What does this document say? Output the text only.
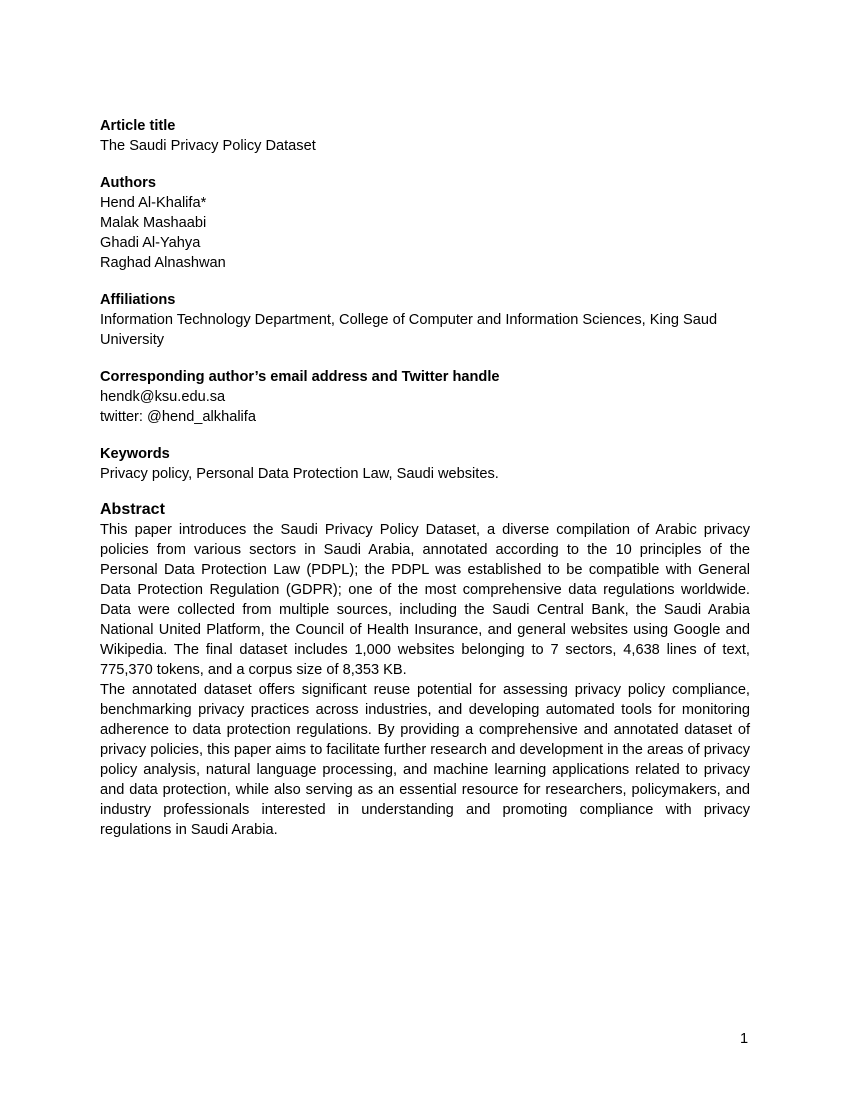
Article title

The Saudi Privacy Policy Dataset

Authors

Hend Al-Khalifa*

Malak Mashaabi

Ghadi Al-Yahya

Raghad Alnashwan

Affiliations

Information Technology Department, College of Computer and Information Sciences, King Saud University

Corresponding author’s email address and Twitter handle

hendk@ksu.edu.sa

twitter: @hend_alkhalifa

Keywords

Privacy policy, Personal Data Protection Law, Saudi websites.

Abstract

This paper introduces the Saudi Privacy Policy Dataset, a diverse compilation of Arabic privacy policies from various sectors in Saudi Arabia, annotated according to the 10 principles of the Personal Data Protection Law (PDPL); the PDPL was established to be compatible with General Data Protection Regulation (GDPR); one of the most comprehensive data regulations worldwide. Data were collected from multiple sources, including the Saudi Central Bank, the Saudi Arabia National United Platform, the Council of Health Insurance, and general websites using Google and Wikipedia. The final dataset includes 1,000 websites belonging to 7 sectors, 4,638 lines of text, 775,370 tokens, and a corpus size of 8,353 KB.

The annotated dataset offers significant reuse potential for assessing privacy policy compliance, benchmarking privacy practices across industries, and developing automated tools for monitoring adherence to data protection regulations. By providing a comprehensive and annotated dataset of privacy policies, this paper aims to facilitate further research and development in the areas of privacy policy analysis, natural language processing, and machine learning applications related to privacy and data protection, while also serving as an essential resource for researchers, policymakers, and industry professionals interested in understanding and promoting compliance with privacy regulations in Saudi Arabia.

1
